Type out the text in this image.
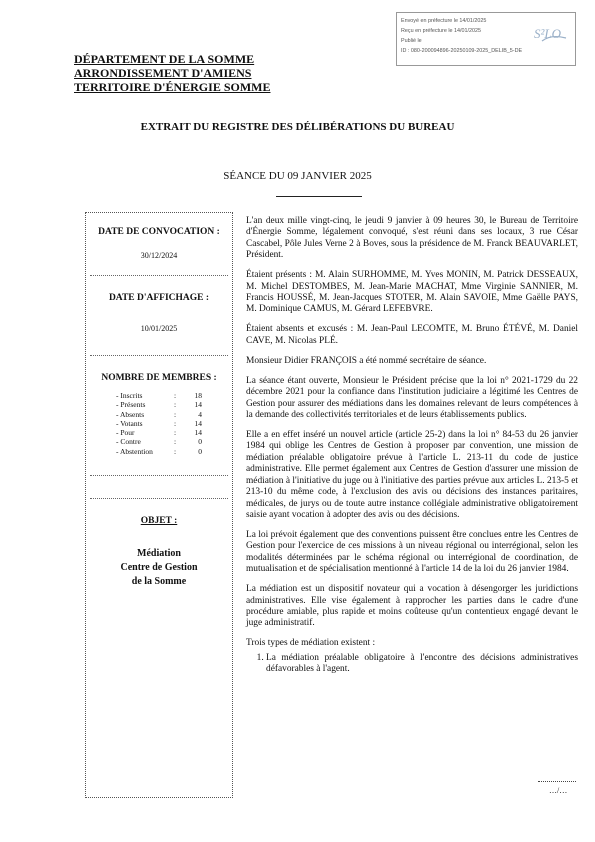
Envoyé en préfecture le 14/01/2025
Reçu en préfecture le 14/01/2025
Publié le
ID : 080-200094896-20250109-2025_DELIB_5-DE
S²LO
DÉPARTEMENT DE LA SOMME
ARRONDISSEMENT D'AMIENS
TERRITOIRE D'ÉNERGIE SOMME
EXTRAIT DU REGISTRE DES DÉLIBÉRATIONS DU BUREAU
SÉANCE DU 09 JANVIER 2025
DATE DE CONVOCATION :
30/12/2024
DATE D'AFFICHAGE :
10/01/2025
NOMBRE DE MEMBRES :
- Inscrits	:	18
- Présents	:	14
- Absents	:	4
- Votants	:	14
- Pour	:	14
- Contre	:	0
- Abstention	:	0
OBJET :
Médiation
Centre de Gestion
de la Somme

L'an deux mille vingt-cinq, le jeudi 9 janvier à 09 heures 30, le Bureau de Territoire d'Énergie Somme, légalement convoqué, s'est réuni dans ses locaux, 3 rue César Cascabel, Pôle Jules Verne 2 à Boves, sous la présidence de M. Franck BEAUVARLET, Président.

Étaient présents : M. Alain SURHOMME, M. Yves MONIN, M. Patrick DESSEAUX, M. Michel DESTOMBES, M. Jean-Marie MACHAT, Mme Virginie SANNIER, M. Francis HOUSSÉ, M. Jean-Jacques STOTER, M. Alain SAVOIE, Mme Gaëlle PAYS, M. Dominique CAMUS, M. Gérard LEFEBVRE.

Étaient absents et excusés : M. Jean-Paul LECOMTE, M. Bruno ÉTÉVÉ, M. Daniel CAVE, M. Nicolas PLÉ.

Monsieur Didier FRANÇOIS a été nommé secrétaire de séance.

La séance étant ouverte, Monsieur le Président précise que la loi n° 2021-1729 du 22 décembre 2021 pour la confiance dans l'institution judiciaire a légitimé les Centres de Gestion pour assurer des médiations dans les domaines relevant de leurs compétences à la demande des collectivités territoriales et de leurs établissements publics.

Elle a en effet inséré un nouvel article (article 25-2) dans la loi n° 84-53 du 26 janvier 1984 qui oblige les Centres de Gestion à proposer par convention, une mission de médiation préalable obligatoire prévue à l'article L. 213-11 du code de justice administrative. Elle permet également aux Centres de Gestion d'assurer une mission de médiation à l'initiative du juge ou à l'initiative des parties prévue aux articles L. 213-5 et 213-10 du même code, à l'exclusion des avis ou décisions des instances paritaires, médicales, de jurys ou de toute autre instance collégiale administrative obligatoirement saisie ayant vocation à adopter des avis ou des décisions.

La loi prévoit également que des conventions puissent être conclues entre les Centres de Gestion pour l'exercice de ces missions à un niveau régional ou interrégional, selon les modalités déterminées par le schéma régional ou interrégional de coordination, de mutualisation et de spécialisation mentionné à l'article 14 de la loi du 26 janvier 1984.

La médiation est un dispositif novateur qui a vocation à désengorger les juridictions administratives. Elle vise également à rapprocher les parties dans le cadre d'une procédure amiable, plus rapide et moins coûteuse qu'un contentieux engagé devant le juge administratif.

Trois types de médiation existent :
1. La médiation préalable obligatoire à l'encontre des décisions administratives défavorables à l'agent.
…/…
